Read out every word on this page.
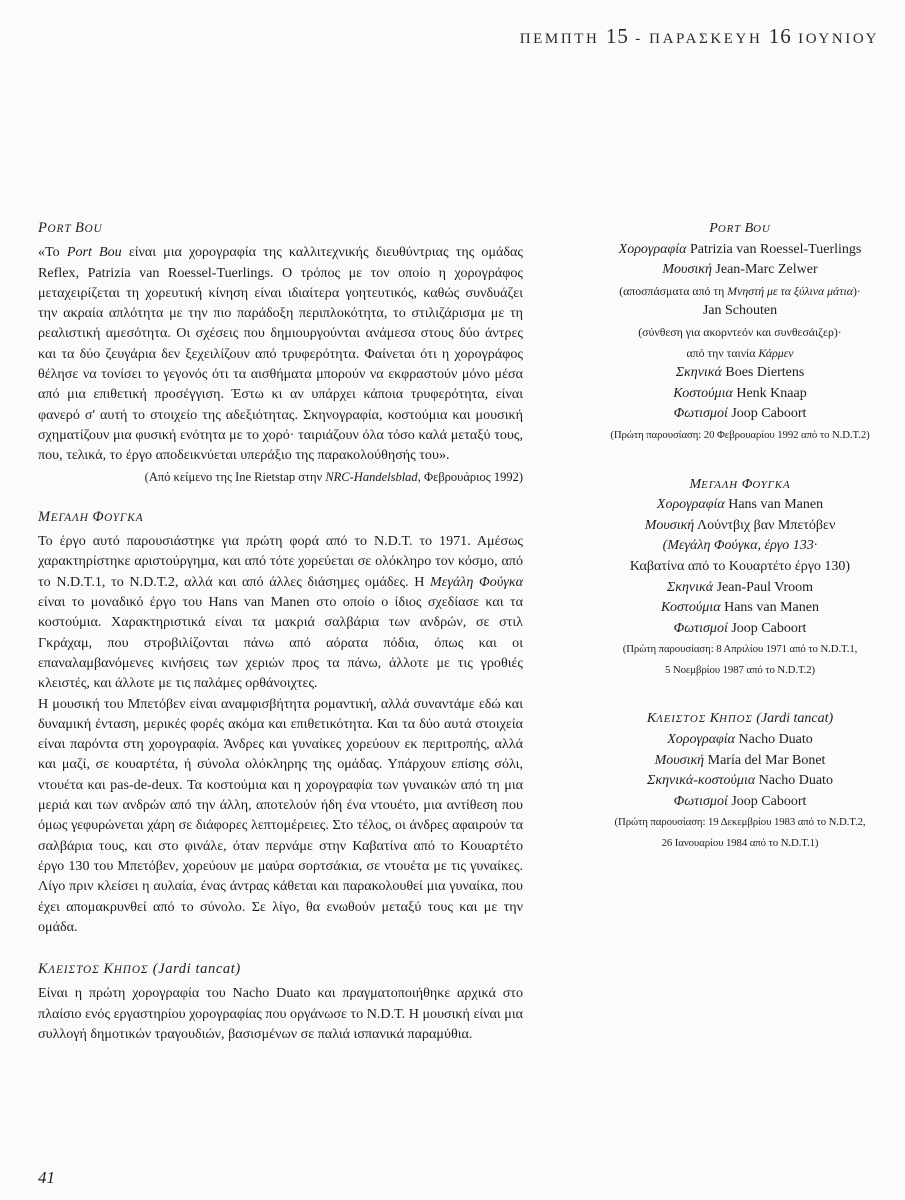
ΠΕΜΠΤΗ 15 - ΠΑΡΑΣΚΕΥΗ 16 ΙΟΥΝΙΟΥ
PORT BOU

«Το Port Bou είναι μια χορογραφία της καλλιτεχνικής διευθύντριας της ομάδας Reflex, Patrizia van Roessel-Tuerlings. Ο τρόπος με τον οποίο η χορογράφος μεταχειρίζεται τη χορευτική κίνηση είναι ιδιαίτερα γοητευτικός, καθώς συνδυάζει την ακραία απλότητα με την πιο παράδοξη περιπλοκότητα, το στιλιζάρισμα με τη ρεαλιστική αμεσότητα. Οι σχέσεις που δημιουργούνται ανάμεσα στους δύο άντρες και τα δύο ζευγάρια δεν ξεχειλίζουν από τρυφερότητα. Φαίνεται ότι η χορογράφος θέλησε να τονίσει το γεγονός ότι τα αισθήματα μπορούν να εκφραστούν μόνο μέσα από μια επιθετική προσέγγιση. Έστω κι αν υπάρχει κάποια τρυφερότητα, είναι φανερό σ' αυτή το στοιχείο της αδεξιότητας. Σκηνογραφία, κοστούμια και μουσική σχηματίζουν μια φυσική ενότητα με το χορό· ταιριάζουν όλα τόσο καλά μεταξύ τους, που, τελικά, το έργο αποδεικνύεται υπεράξιο της παρακολούθησής του».

(Από κείμενο της Ine Rietstap στην NRC-Handelsblad, Φεβρουάριος 1992)
ΜΕΓΑΛΗ ΦΟΥΓΚΑ

Το έργο αυτό παρουσιάστηκε για πρώτη φορά από το N.D.T. το 1971. Αμέσως χαρακτηρίστηκε αριστούργημα, και από τότε χορεύεται σε ολόκληρο τον κόσμο, από το N.D.T.1, το N.D.T.2, αλλά και από άλλες διάσημες ομάδες. Η Μεγάλη Φούγκα είναι το μοναδικό έργο του Hans van Manen στο οποίο ο ίδιος σχεδίασε και τα κοστούμια. Χαρακτηριστικά είναι τα μακριά σαλβάρια των ανδρών, σε στιλ Γκράχαμ, που στροβιλίζονται πάνω από αόρατα πόδια, όπως και οι επαναλαμβανόμενες κινήσεις των χεριών προς τα πάνω, άλλοτε με τις γροθιές κλειστές, και άλλοτε με τις παλάμες ορθάνοιχτες.

Η μουσική του Μπετόβεν είναι αναμφισβήτητα ρομαντική, αλλά συναντάμε εδώ και δυναμική ένταση, μερικές φορές ακόμα και επιθετικότητα. Και τα δύο αυτά στοιχεία είναι παρόντα στη χορογραφία. Άνδρες και γυναίκες χορεύουν εκ περιτροπής, αλλά και μαζί, σε κουαρτέτα, ή σύνολα ολόκληρης της ομάδας. Υπάρχουν επίσης σόλι, ντουέτα και pas-de-deux. Τα κοστούμια και η χορογραφία των γυναικών από τη μια μεριά και των ανδρών από την άλλη, αποτελούν ήδη ένα ντουέτο, μια αντίθεση που όμως γεφυρώνεται χάρη σε διάφορες λεπτομέρειες. Στο τέλος, οι άνδρες αφαιρούν τα σαλβάρια τους, και στο φινάλε, όταν περνάμε στην Καβατίνα από το Κουαρτέτο έργο 130 του Μπετόβεν, χορεύουν με μαύρα σορτσάκια, σε ντουέτα με τις γυναίκες. Λίγο πριν κλείσει η αυλαία, ένας άντρας κάθεται και παρακολουθεί μια γυναίκα, που έχει απομακρυνθεί από το σύνολο. Σε λίγο, θα ενωθούν μεταξύ τους και με την ομάδα.

ΚΛΕΙΣΤΟΣ ΚΗΠΟΣ (Jardi tancat)

Είναι η πρώτη χορογραφία του Nacho Duato και πραγματοποιήθηκε αρχικά στο πλαίσιο ενός εργαστηρίου χορογραφίας που οργάνωσε το N.D.T. Η μουσική είναι μια συλλογή δημοτικών τραγουδιών, βασισμένων σε παλιά ισπανικά παραμύθια.

PORT BOU
Χορογραφία Patrizia van Roessel-Tuerlings
Μουσική Jean-Marc Zelwer
(αποσπάσματα από τη Μνηστή με τα ξύλινα μάτια)·
Jan Schouten
(σύνθεση για ακορντεόν και συνθεσάιζερ)·
από την ταινία Κάρμεν
Σκηνικά Boes Diertens
Κοστούμια Henk Knaap
Φωτισμοί Joop Caboort
(Πρώτη παρουσίαση: 20 Φεβρουαρίου 1992 από το N.D.T.2)
ΜΕΓΑΛΗ ΦΟΥΓΚΑ
Χορογραφία Hans van Manen
Μουσική Λούντβιχ βαν Μπετόβεν
(Μεγάλη Φούγκα, έργο 133·
Καβατίνα από το Κουαρτέτο έργο 130)
Σκηνικά Jean-Paul Vroom
Κοστούμια Hans van Manen
Φωτισμοί Joop Caboort
(Πρώτη παρουσίαση: 8 Απριλίου 1971 από το N.D.T.1,
5 Νοεμβρίου 1987 από το N.D.T.2)
ΚΛΕΙΣΤΟΣ ΚΗΠΟΣ (Jardi tancat)
Χορογραφία Nacho Duato
Μουσική María del Mar Bonet
Σκηνικά-κοστούμια Nacho Duato
Φωτισμοί Joop Caboort
(Πρώτη παρουσίαση: 19 Δεκεμβρίου 1983 από το N.D.T.2,
26 Ιανουαρίου 1984 από το N.D.T.1)
41
